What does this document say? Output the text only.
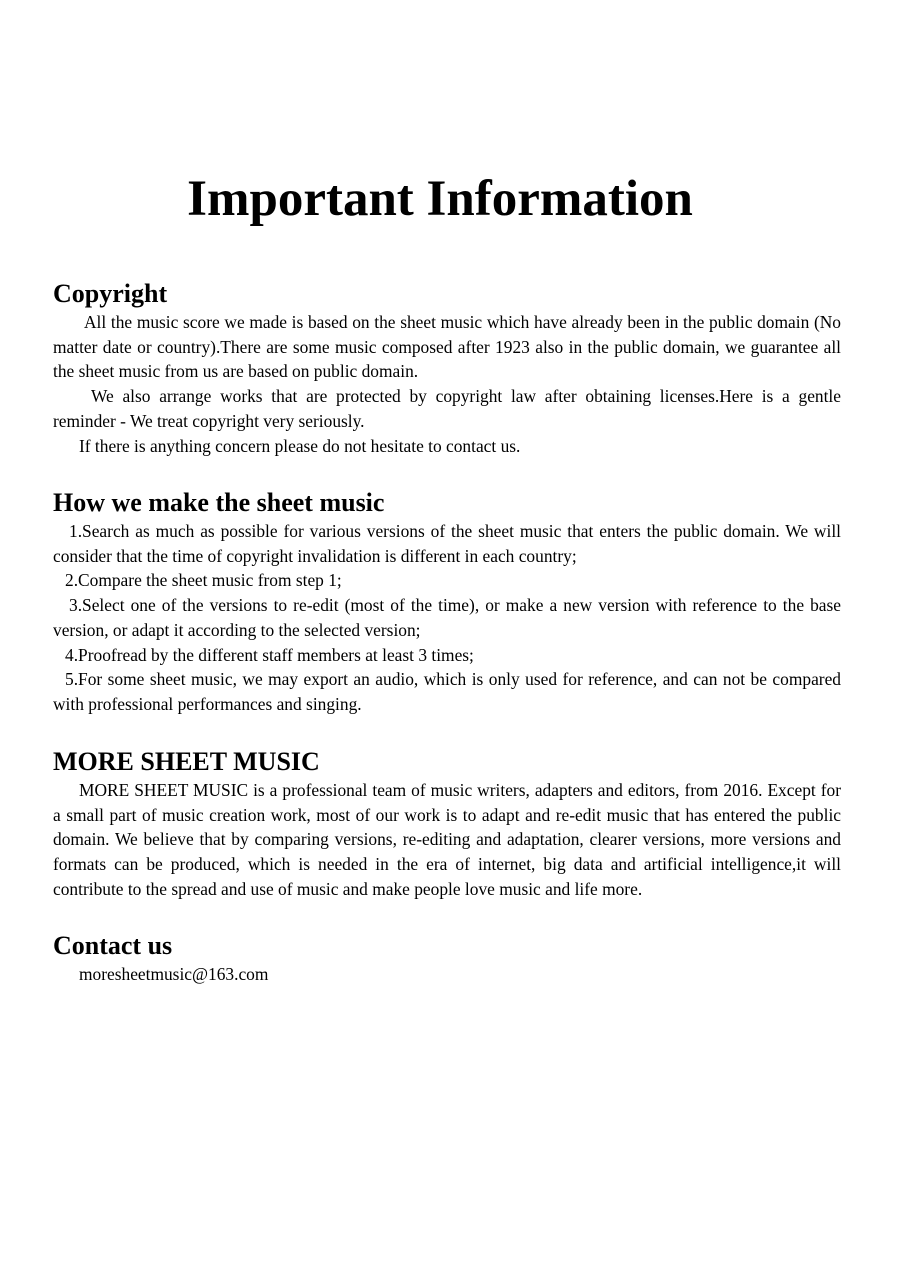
Important Information
Copyright

All the music score we made is based on the sheet music which have already been in the public domain (No matter date or country).There are some music composed after 1923 also in the public domain, we guarantee all the sheet music from us are based on public domain.

We also arrange works that are protected by copyright law after obtaining licenses.Here is a gentle reminder - We treat copyright very seriously.

If there is anything concern please do not hesitate to contact us.

How we make the sheet music

1.Search as much as possible for various versions of the sheet music that enters the public domain. We will consider that the time of copyright invalidation is different in each country;

2.Compare the sheet music from step 1;

3.Select one of the versions to re-edit (most of the time), or make a new version with reference to the base version, or adapt it according to the selected version;

4.Proofread by the different staff members at least 3 times;

5.For some sheet music, we may export an audio, which is only used for reference, and can not be compared with professional performances and singing.

MORE SHEET MUSIC

MORE SHEET MUSIC is a professional team of music writers, adapters and editors, from 2016. Except for a small part of music creation work, most of our work is to adapt and re-edit music that has entered the public domain. We believe that by comparing versions, re-editing and adaptation, clearer versions, more versions and formats can be produced, which is needed in the era of internet, big data and artificial intelligence,it will contribute to the spread and use of music and make people love music and life more.

Contact us

moresheetmusic@163.com
